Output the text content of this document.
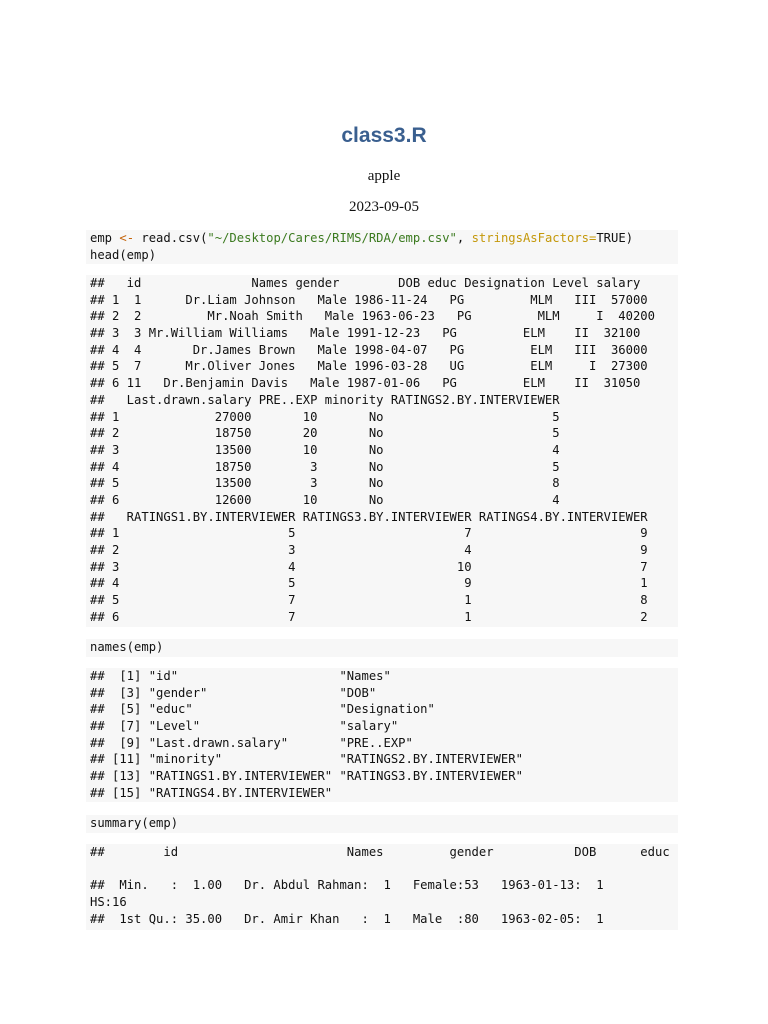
class3.R

apple

2023-09-05

emp <- read.csv("~/Desktop/Cares/RIMS/RDA/emp.csv", stringsAsFactors=TRUE)
head(emp)
##   id               Names gender        DOB educ Designation Level salary
## 1  1      Dr.Liam Johnson   Male 1986-11-24   PG         MLM   III  57000
## 2  2         Mr.Noah Smith   Male 1963-06-23   PG         MLM     I  40200
## 3  3 Mr.William Williams   Male 1991-12-23   PG         ELM    II  32100
## 4  4       Dr.James Brown   Male 1998-04-07   PG         ELM   III  36000
## 5  7      Mr.Oliver Jones   Male 1996-03-28   UG         ELM     I  27300
## 6 11   Dr.Benjamin Davis   Male 1987-01-06   PG         ELM    II  31050
##   Last.drawn.salary PRE..EXP minority RATINGS2.BY.INTERVIEWER
## 1             27000       10       No                       5
## 2             18750       20       No                       5
## 3             13500       10       No                       4
## 4             18750        3       No                       5
## 5             13500        3       No                       8
## 6             12600       10       No                       4
##   RATINGS1.BY.INTERVIEWER RATINGS3.BY.INTERVIEWER RATINGS4.BY.INTERVIEWER
## 1                       5                       7                       9
## 2                       3                       4                       9
## 3                       4                      10                       7
## 4                       5                       9                       1
## 5                       7                       1                       8
## 6                       7                       1                       2
names(emp)
##  [1] "id"                      "Names"
##  [3] "gender"                  "DOB"
##  [5] "educ"                    "Designation"
##  [7] "Level"                   "salary"
##  [9] "Last.drawn.salary"       "PRE..EXP"
## [11] "minority"                "RATINGS2.BY.INTERVIEWER"
## [13] "RATINGS1.BY.INTERVIEWER" "RATINGS3.BY.INTERVIEWER"
## [15] "RATINGS4.BY.INTERVIEWER"
summary(emp)
##        id                       Names         gender           DOB      educ
##  Min.   :  1.00   Dr. Abdul Rahman:  1   Female:53   1963-01-13:  1
HS:16
##  1st Qu.: 35.00   Dr. Amir Khan   :  1   Male  :80   1963-02-05:  1
